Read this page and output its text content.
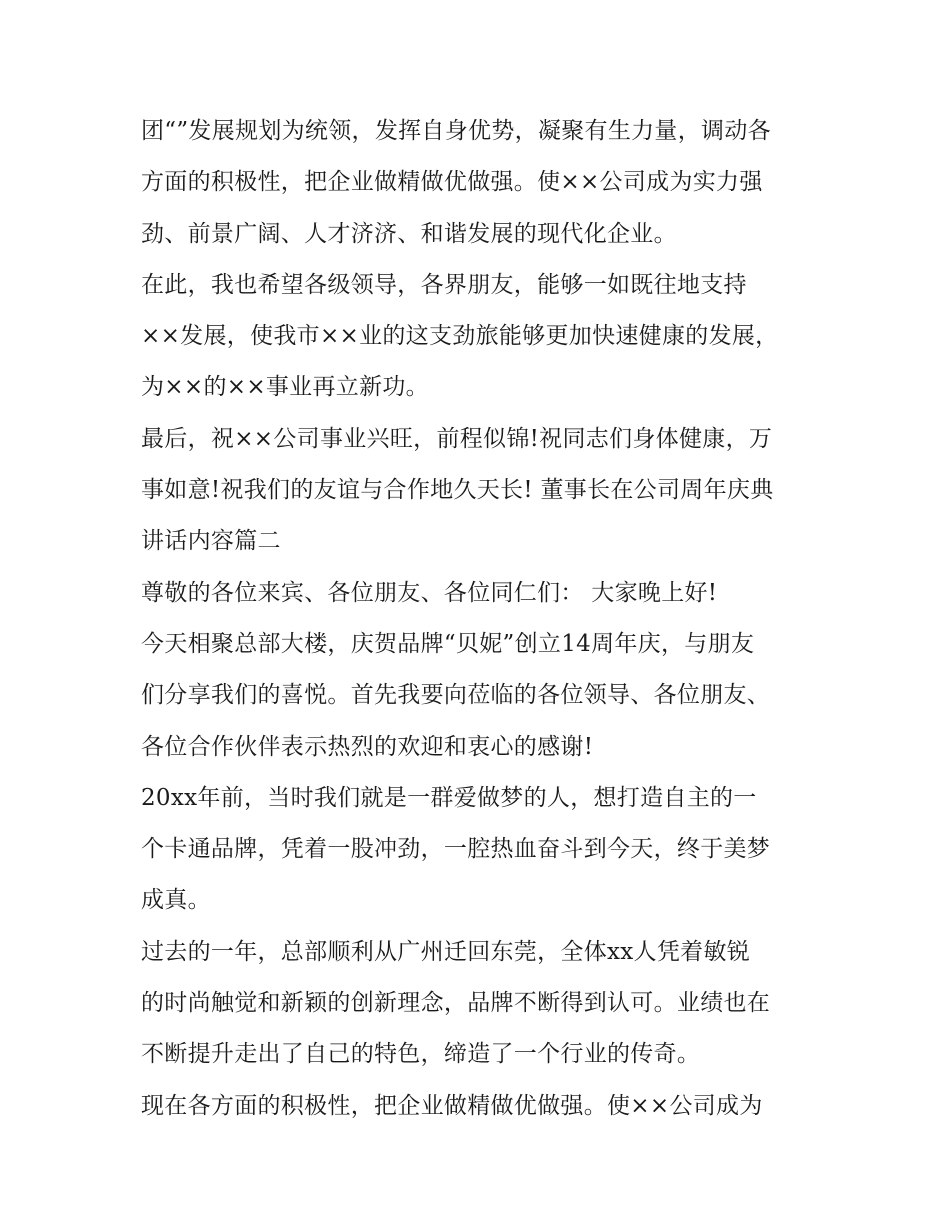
团“”发展规划为统领，发挥自身优势，凝聚有生力量，调动各
方面的积极性，把企业做精做优做强。使××公司成为实力强
劲、前景广阔、人才济济、和谐发展的现代化企业。
在此，我也希望各级领导，各界朋友，能够一如既往地支持
××发展，使我市××业的这支劲旅能够更加快速健康的发展，
为××的××事业再立新功。
最后，祝××公司事业兴旺，前程似锦!祝同志们身体健康，万
事如意!祝我们的友谊与合作地久天长! 董事长在公司周年庆典
讲话内容篇二
尊敬的各位来宾、各位朋友、各位同仁们： 大家晚上好!
今天相聚总部大楼，庆贺品牌“贝妮”创立14周年庆，与朋友
们分享我们的喜悦。首先我要向莅临的各位领导、各位朋友、
各位合作伙伴表示热烈的欢迎和衷心的感谢!
20xx年前，当时我们就是一群爱做梦的人，想打造自主的一
个卡通品牌，凭着一股冲劲，一腔热血奋斗到今天，终于美梦
成真。
过去的一年，总部顺利从广州迁回东莞，全体xx人凭着敏锐
的时尚触觉和新颖的创新理念，品牌不断得到认可。业绩也在
不断提升走出了自己的特色，缔造了一个行业的传奇。
现在各方面的积极性，把企业做精做优做强。使××公司成为
